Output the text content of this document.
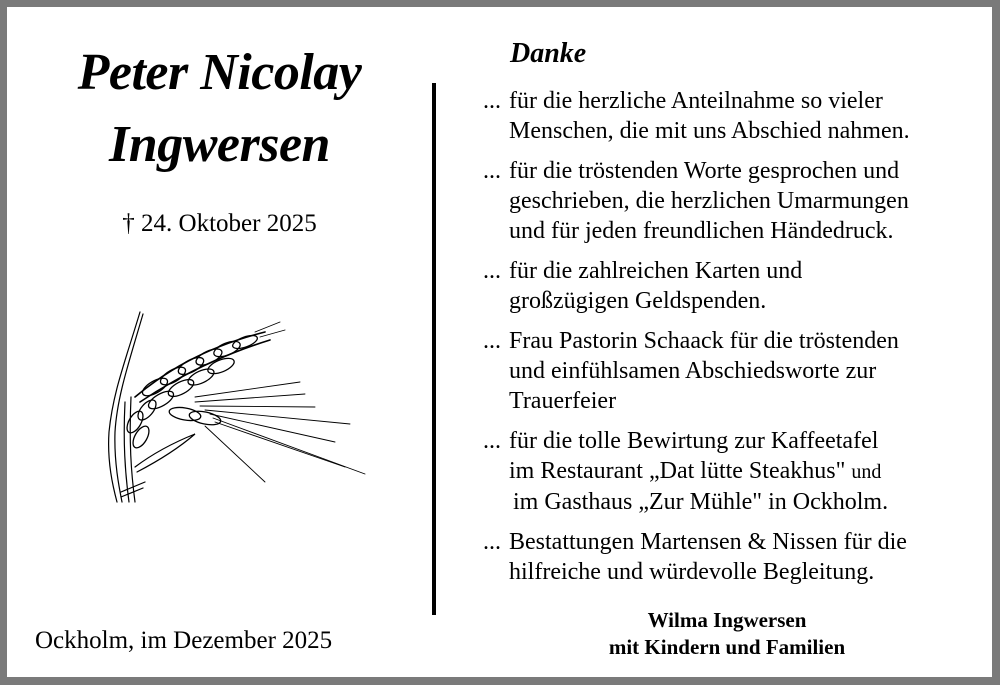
Peter Nicolay
Ingwersen
† 24. Oktober 2025
Ockholm, im Dezember 2025
Danke
... für die herzliche Anteilnahme so vieler
Menschen, die mit uns Abschied nahmen.
... für die tröstenden Worte gesprochen und
geschrieben, die herzlichen Umarmungen
und für jeden freundlichen Händedruck.
... für die zahlreichen Karten und
großzügigen Geldspenden.
... Frau Pastorin Schaack für die tröstenden
und einfühlsamen Abschiedsworte zur
Trauerfeier
... für die tolle Bewirtung zur Kaffeetafel
im Restaurant „Dat lütte Steakhus" und
im Gasthaus „Zur Mühle" in Ockholm.
... Bestattungen Martensen & Nissen für die
hilfreiche und würdevolle Begleitung.
Wilma Ingwersen
mit Kindern und Familien
